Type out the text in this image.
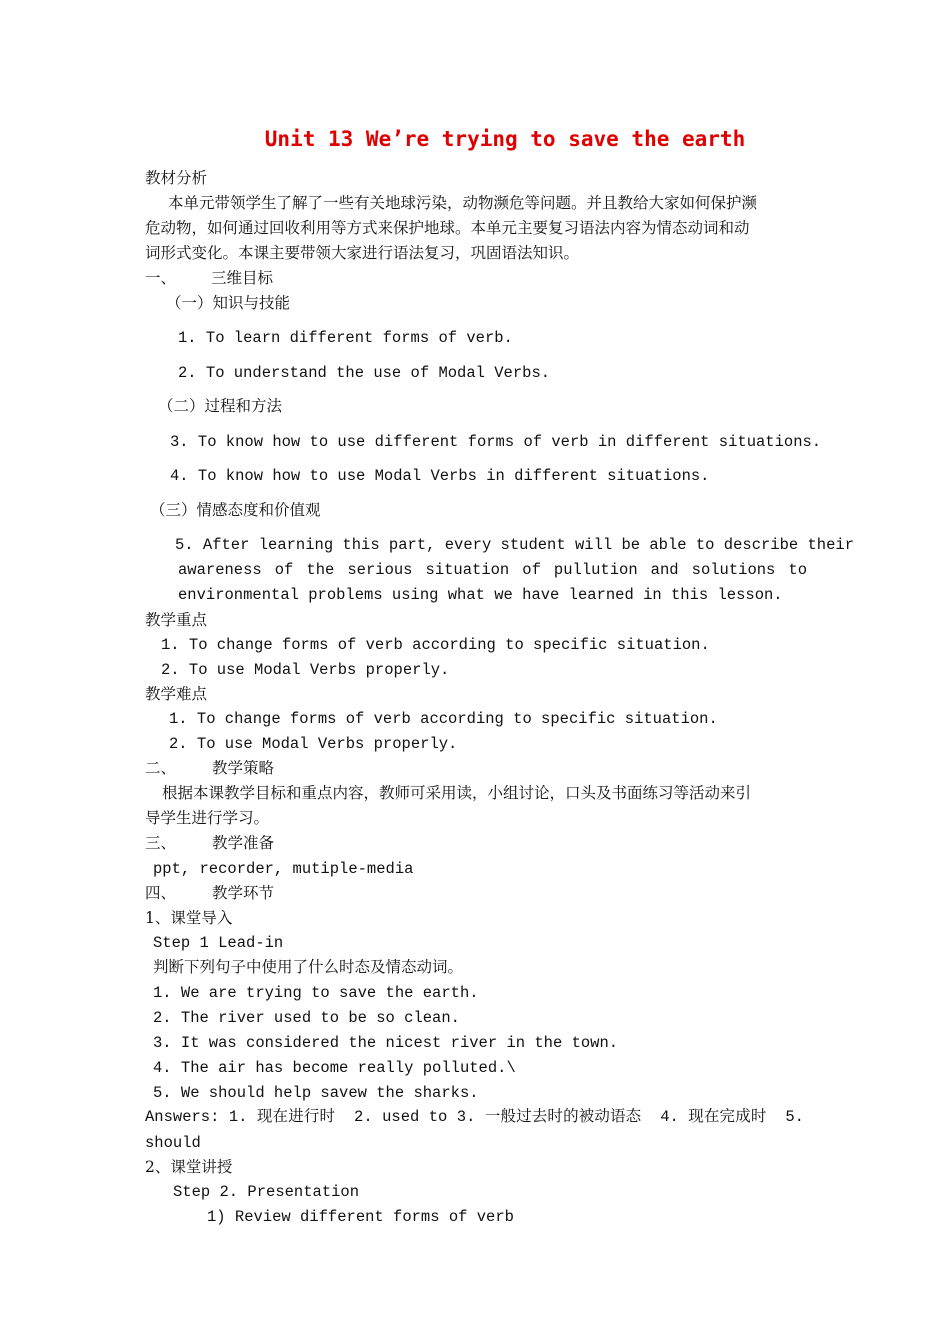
Unit 13 We’re trying to save the earth
教材分析
本单元带领学生了解了一些有关地球污染，动物濒危等问题。并且教给大家如何保护濒
危动物，如何通过回收利用等方式来保护地球。本单元主要复习语法内容为情态动词和动
词形式变化。本课主要带领大家进行语法复习，巩固语法知识。
一、 三维目标
（一）知识与技能
1. To learn different forms of verb.
2. To understand the use of Modal Verbs.
（二）过程和方法
3. To know how to use different forms of verb in different situations.
4. To know how to use Modal Verbs in different situations.
（三）情感态度和价值观
5. After learning this part, every student will be able to describe their
awareness of the serious situation of pullution and solutions to
environmental problems using what we have learned in this lesson.
教学重点
1. To change forms of verb according to specific situation.
2. To use Modal Verbs properly.
教学难点
1. To change forms of verb according to specific situation.
2. To use Modal Verbs properly.
二、 教学策略
根据本课教学目标和重点内容，教师可采用读，小组讨论，口头及书面练习等活动来引
导学生进行学习。
三、 教学准备
ppt, recorder, mutiple-media
四、 教学环节
1、课堂导入
Step 1 Lead-in
判断下列句子中使用了什么时态及情态动词。
1. We are trying to save the earth.
2. The river used to be so clean.
3. It was considered the nicest river in the town.
4. The air has become really polluted.\
5. We should help savew the sharks.
Answers: 1. 现在进行时  2. used to 3. 一般过去时的被动语态  4. 现在完成时  5.
should
2、课堂讲授
Step 2. Presentation
1) Review different forms of verb
